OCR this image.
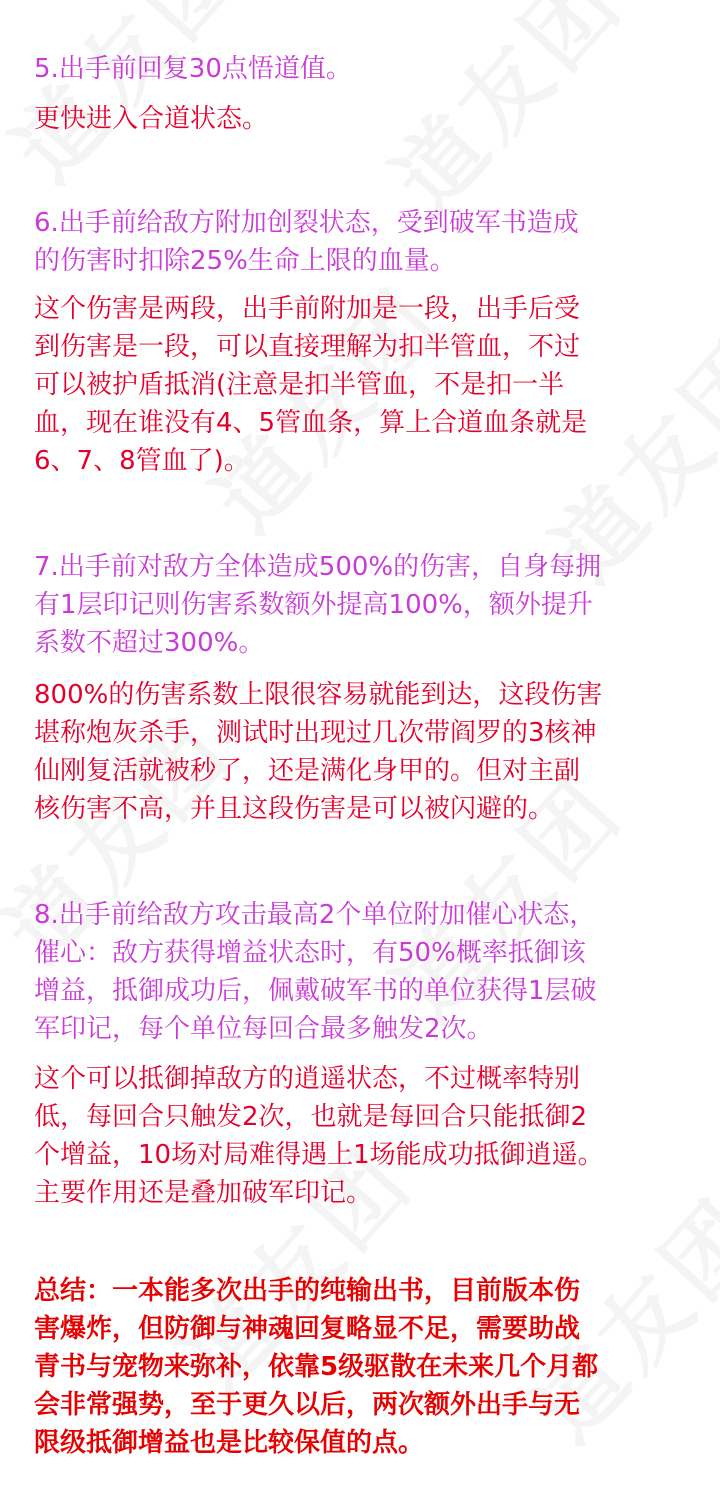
5.出手前回复30点悟道值。

更快进入合道状态。

6.出手前给敌方附加创裂状态，受到破军书造成
的伤害时扣除25%生命上限的血量。

这个伤害是两段，出手前附加是一段，出手后受
到伤害是一段，可以直接理解为扣半管血，不过
可以被护盾抵消(注意是扣半管血，不是扣一半
血，现在谁没有4、5管血条，算上合道血条就是
6、7、8管血了)。

7.出手前对敌方全体造成500%的伤害，自身每拥
有1层印记则伤害系数额外提高100%，额外提升
系数不超过300%。

800%的伤害系数上限很容易就能到达，这段伤害
堪称炮灰杀手，测试时出现过几次带阎罗的3核神
仙刚复活就被秒了，还是满化身甲的。但对主副
核伤害不高，并且这段伤害是可以被闪避的。

8.出手前给敌方攻击最高2个单位附加催心状态，
催心：敌方获得增益状态时，有50%概率抵御该
增益，抵御成功后，佩戴破军书的单位获得1层破
军印记，每个单位每回合最多触发2次。

这个可以抵御掉敌方的逍遥状态，不过概率特别
低，每回合只触发2次，也就是每回合只能抵御2
个增益，10场对局难得遇上1场能成功抵御逍遥。
主要作用还是叠加破军印记。

总结：一本能多次出手的纯输出书，目前版本伤
害爆炸，但防御与神魂回复略显不足，需要助战
青书与宠物来弥补，依靠5级驱散在未来几个月都
会非常强势，至于更久以后，两次额外出手与无
限级抵御增益也是比较保值的点。
